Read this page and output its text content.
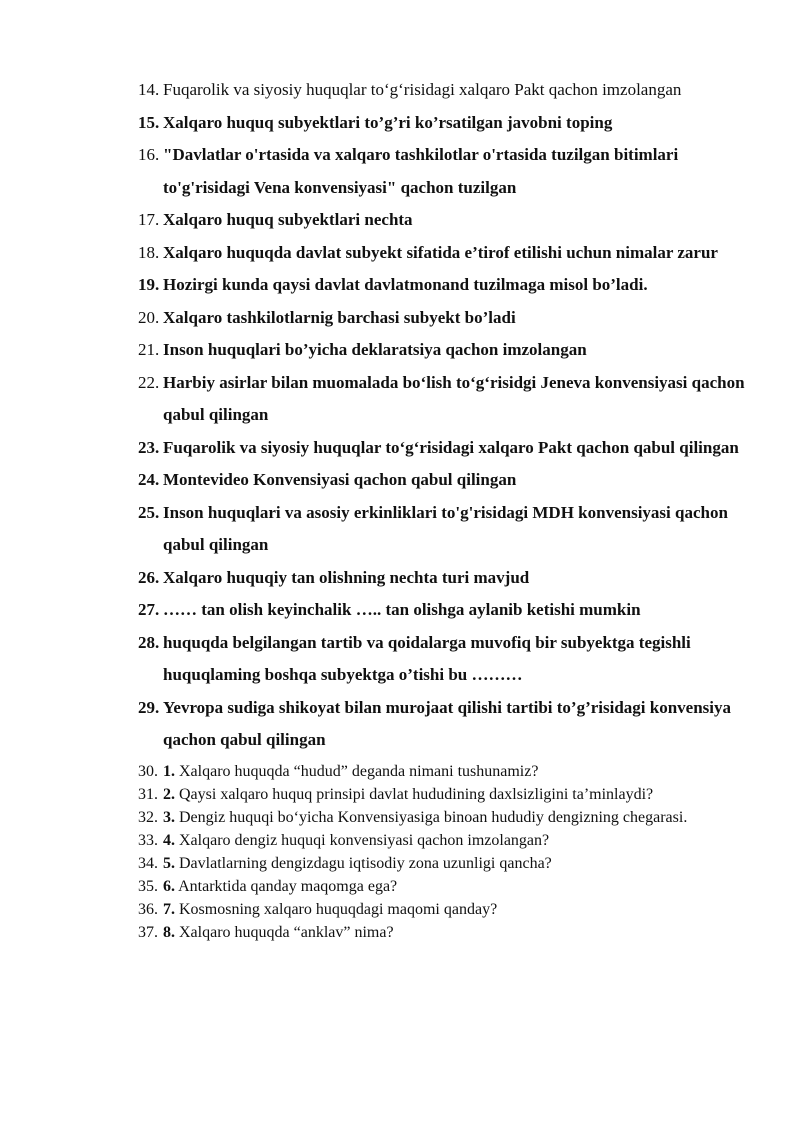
14. Fuqarolik va siyosiy huquqlar to‘g‘risidagi xalqaro Pakt qachon imzolangan
15. Xalqaro huquq subyektlari to’g’ri ko’rsatilgan javobni toping
16. "Davlatlar o'rtasida va xalqaro tashkilotlar o'rtasida tuzilgan bitimlari to'g'risidagi Vena konvensiyasi" qachon tuzilgan
17. Xalqaro huquq subyektlari nechta
18. Xalqaro huquqda davlat subyekt sifatida e’tirof etilishi uchun nimalar zarur
19. Hozirgi kunda qaysi davlat davlatmonand tuzilmaga misol bo’ladi.
20. Xalqaro tashkilotlarnig barchasi subyekt bo’ladi
21. Inson huquqlari bo’yicha deklaratsiya qachon imzolangan
22. Harbiy asirlar bilan muomalada bo‘lish to‘g‘risidgi Jeneva konvensiyasi qachon qabul qilingan
23. Fuqarolik va siyosiy huquqlar to‘g‘risidagi xalqaro Pakt qachon qabul qilingan
24. Montevideo Konvensiyasi qachon qabul qilingan
25. Inson huquqlari va asosiy erkinliklari to'g'risidagi MDH konvensiyasi qachon qabul qilingan
26. Xalqaro huquqiy tan olishning nechta turi mavjud
27. …… tan olish keyinchalik ….. tan olishga aylanib ketishi mumkin
28. huquqda belgilangan tartib va qoidalarga muvofiq bir subyektga tegishli huquqlaming boshqa subyektga o’tishi bu ………
29. Yevropa sudiga shikoyat bilan murojaat qilishi tartibi to’g’risidagi konvensiya qachon qabul qilingan
30. 1. Xalqaro huquqda “hudud” deganda nimani tushunamiz?
31. 2. Qaysi xalqaro huquq prinsipi davlat hududining daxlsizligini ta’minlaydi?
32. 3. Dengiz huquqi bo‘yicha Konvensiyasiga binoan hududiy dengizning chegarasi.
33. 4. Xalqaro dengiz huquqi konvensiyasi qachon imzolangan?
34. 5. Davlatlarning dengizdagu iqtisodiy zona uzunligi qancha?
35. 6. Antarktida qanday maqomga ega?
36. 7. Kosmosning xalqaro huquqdagi maqomi qanday?
37. 8. Xalqaro huquqda “anklav” nima?
